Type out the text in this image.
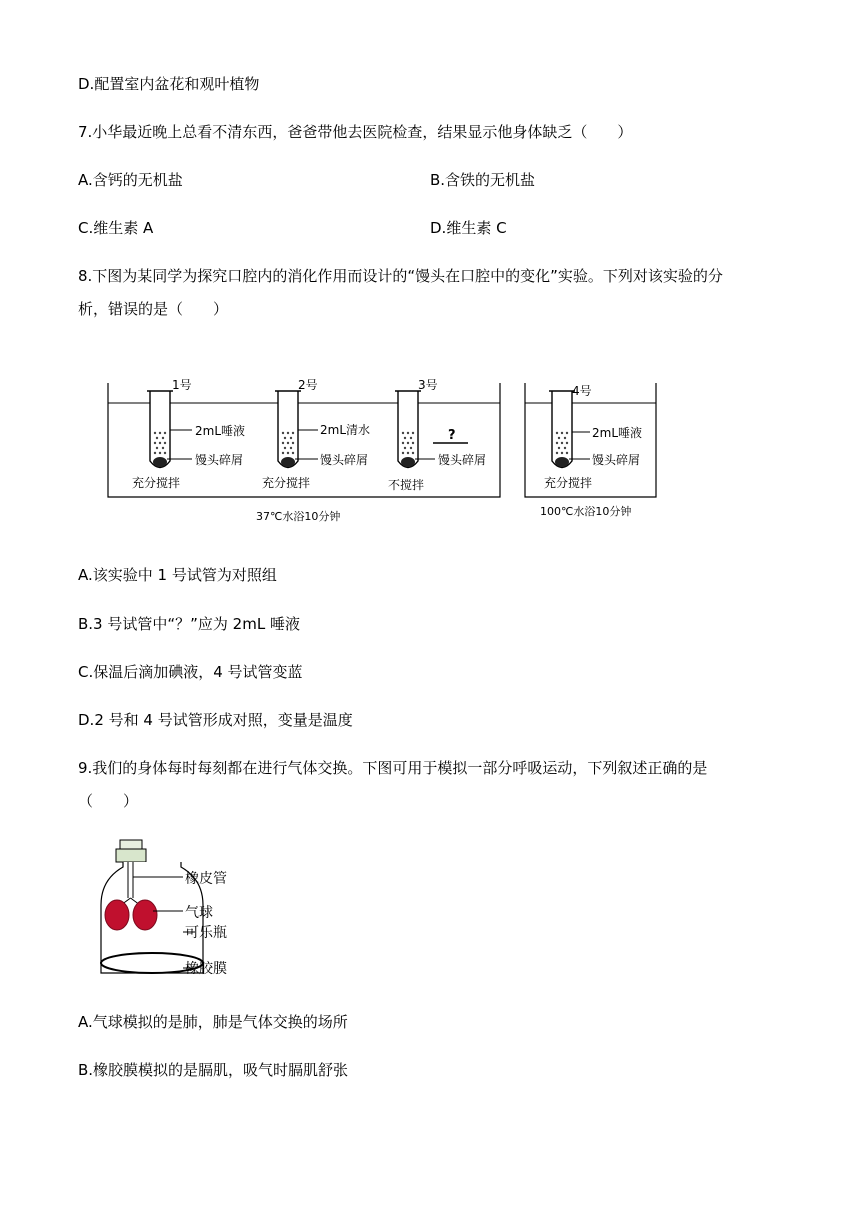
D.配置室内盆花和观叶植物
7.小华最近晚上总看不清东西，爸爸带他去医院检查，结果显示他身体缺乏（　　）
A.含钙的无机盐	B.含铁的无机盐
C.维生素 A	D.维生素 C
8.下图为某同学为探究口腔内的消化作用而设计的“馒头在口腔中的变化”实验。下列对该实验的分
析，错误的是（　　）
1号
2mL唾液
馒头碎屑
充分搅拌
2号
2mL清水
馒头碎屑
充分搅拌
3号
?
馒头碎屑
不搅拌
4号
2mL唾液
馒头碎屑
充分搅拌
37℃水浴10分钟	100℃水浴10分钟
A.该实验中 1 号试管为对照组
B.3 号试管中“？”应为 2mL 唾液
C.保温后滴加碘液，4 号试管变蓝
D.2 号和 4 号试管形成对照，变量是温度
9.我们的身体每时每刻都在进行气体交换。下图可用于模拟一部分呼吸运动，下列叙述正确的是
（　　）
橡皮管
气球
可乐瓶
橡胶膜
A.气球模拟的是肺，肺是气体交换的场所
B.橡胶膜模拟的是膈肌，吸气时膈肌舒张
